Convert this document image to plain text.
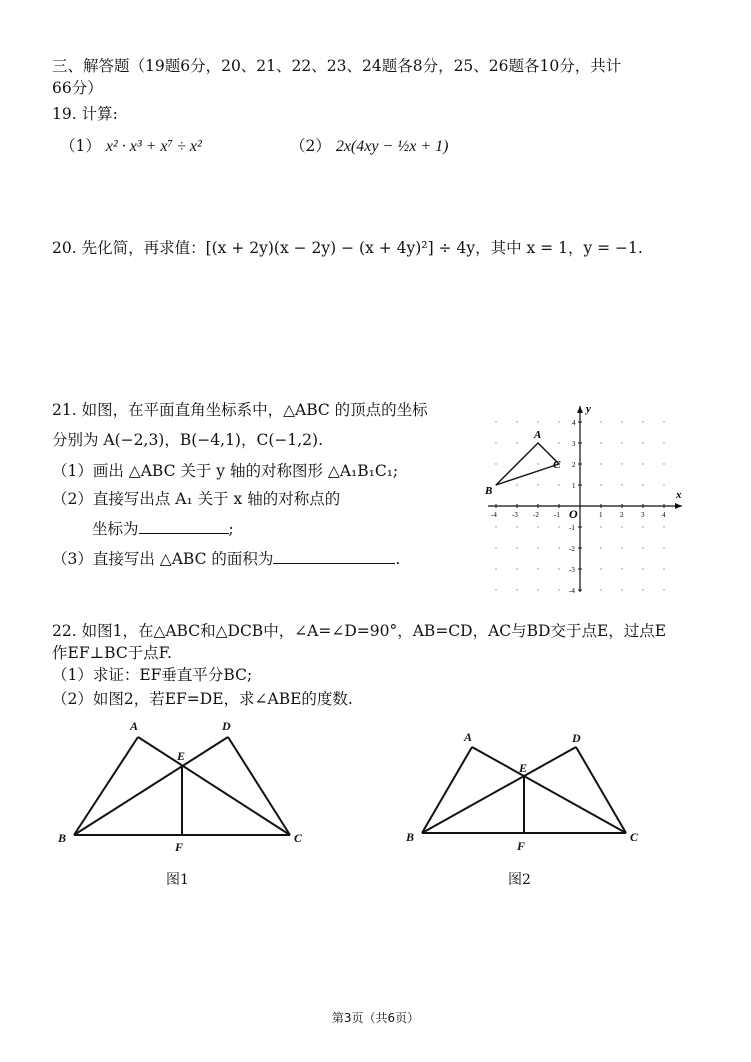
三、解答题（19题6分，20、21、22、23、24题各8分，25、26题各10分，共计
66分）
19. 计算:
（1） x² · x³ + x⁷ ÷ x²	（2） 2x(4xy − ½x + 1)
20. 先化简，再求值：[(x + 2y)(x − 2y) − (x + 4y)²] ÷ 4y，其中 x = 1，y = −1.
21. 如图，在平面直角坐标系中，△ABC 的顶点的坐标
分别为 A(−2,3)，B(−4,1)，C(−1,2).
（1）画出 △ABC 关于 y 轴的对称图形 △A₁B₁C₁;
（2）直接写出点 A₁ 关于 x 轴的对称点的
坐标为	;
（3）直接写出 △ABC 的面积为	.
x
y
O
-4 -3 -2 -1	1	2	3	4
4
3
2
1
-1
-2
-3
-4
A
B
C
22. 如图1，在△ABC和△DCB中，∠A=∠D=90°，AB=CD，AC与BD交于点E，过点E
作EF⊥BC于点F.
（1）求证：EF垂直平分BC;
（2）如图2，若EF=DE，求∠ABE的度数.
A	D
E
B
F
C
图1
A	D
E
B
F
C
图2
第3页（共6页）
